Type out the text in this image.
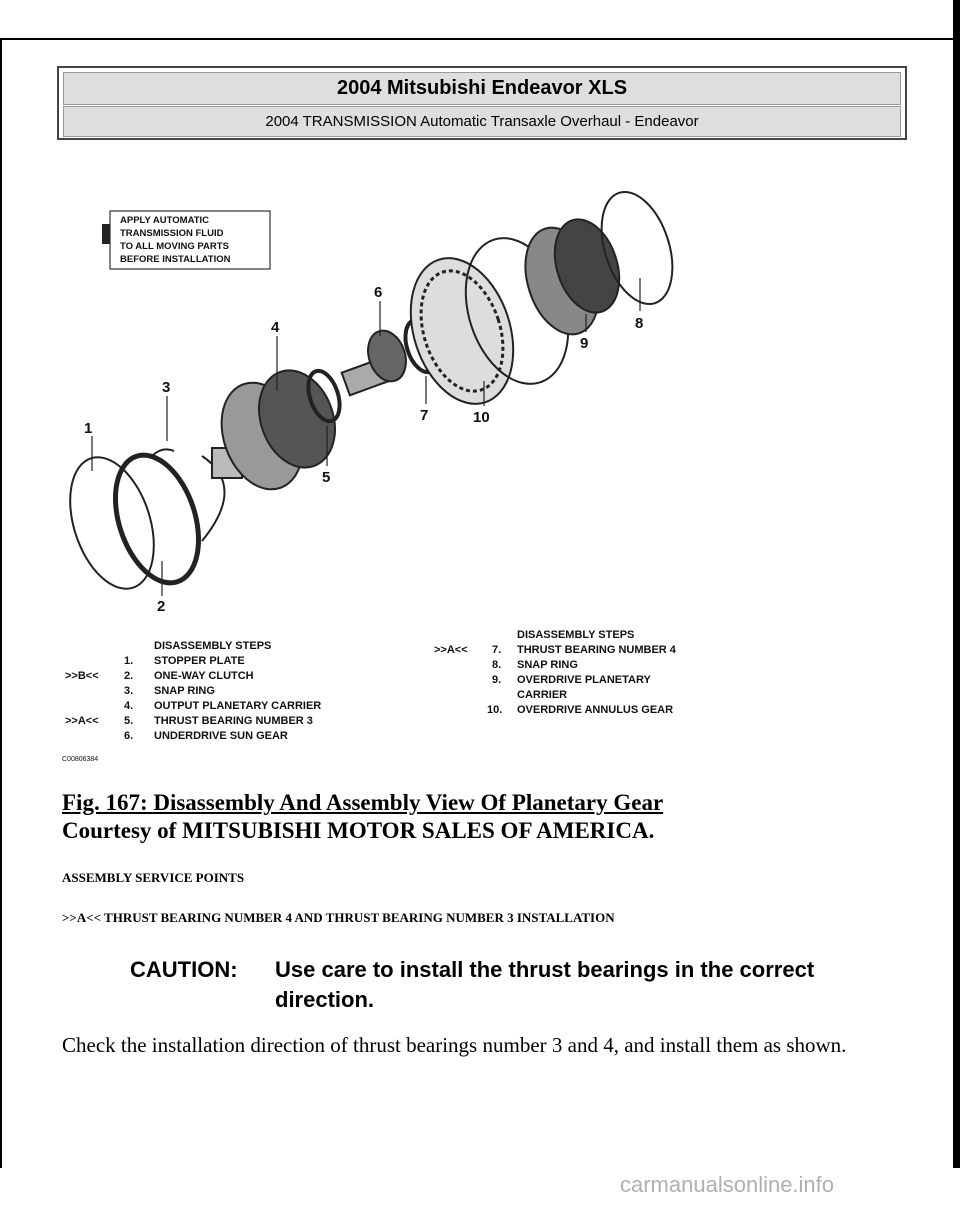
2004 Mitsubishi Endeavor XLS
2004 TRANSMISSION Automatic Transaxle Overhaul - Endeavor
APPLY AUTOMATIC
TRANSMISSION FLUID
TO ALL MOVING PARTS
BEFORE INSTALLATION
1
2
3
4
5
6
7
8
9
10
DISASSEMBLY STEPS
1. STOPPER PLATE
>>B<< 2. ONE-WAY CLUTCH
3. SNAP RING
4. OUTPUT PLANETARY CARRIER
>>A<< 5. THRUST BEARING NUMBER 3
6. UNDERDRIVE SUN GEAR
DISASSEMBLY STEPS
>>A<< 7. THRUST BEARING NUMBER 4
8. SNAP RING
9. OVERDRIVE PLANETARY
CARRIER
10. OVERDRIVE ANNULUS GEAR
C00806384
Fig. 167: Disassembly And Assembly View Of Planetary Gear
Courtesy of MITSUBISHI MOTOR SALES OF AMERICA.
ASSEMBLY SERVICE POINTS
>>A<< THRUST BEARING NUMBER 4 AND THRUST BEARING NUMBER 3 INSTALLATION
CAUTION: Use care to install the thrust bearings in the correct direction.
Check the installation direction of thrust bearings number 3 and 4, and install them as shown.
carmanualsonline.info
